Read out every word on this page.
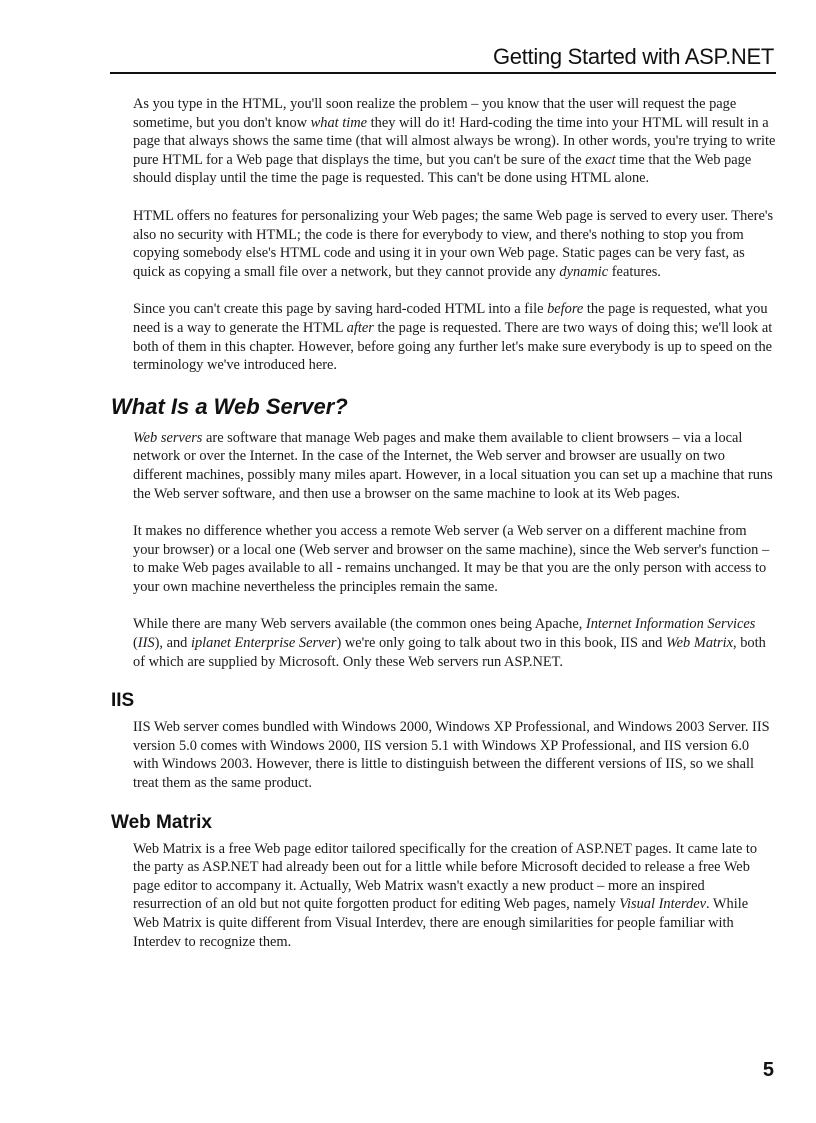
Getting Started with ASP.NET

As you type in the HTML, you'll soon realize the problem – you know that the user will request the page sometime, but you don't know what time they will do it! Hard-coding the time into your HTML will result in a page that always shows the same time (that will almost always be wrong). In other words, you're trying to write pure HTML for a Web page that displays the time, but you can't be sure of the exact time that the Web page should display until the time the page is requested. This can't be done using HTML alone.

HTML offers no features for personalizing your Web pages; the same Web page is served to every user. There's also no security with HTML; the code is there for everybody to view, and there's nothing to stop you from copying somebody else's HTML code and using it in your own Web page. Static pages can be very fast, as quick as copying a small file over a network, but they cannot provide any dynamic features.

Since you can't create this page by saving hard-coded HTML into a file before the page is requested, what you need is a way to generate the HTML after the page is requested. There are two ways of doing this; we'll look at both of them in this chapter. However, before going any further let's make sure everybody is up to speed on the terminology we've introduced here.

What Is a Web Server?

Web servers are software that manage Web pages and make them available to client browsers – via a local network or over the Internet. In the case of the Internet, the Web server and browser are usually on two different machines, possibly many miles apart. However, in a local situation you can set up a machine that runs the Web server software, and then use a browser on the same machine to look at its Web pages.

It makes no difference whether you access a remote Web server (a Web server on a different machine from your browser) or a local one (Web server and browser on the same machine), since the Web server's function – to make Web pages available to all - remains unchanged. It may be that you are the only person with access to your own machine nevertheless the principles remain the same.

While there are many Web servers available (the common ones being Apache, Internet Information Services (IIS), and iplanet Enterprise Server) we're only going to talk about two in this book, IIS and Web Matrix, both of which are supplied by Microsoft. Only these Web servers run ASP.NET.

IIS

IIS Web server comes bundled with Windows 2000, Windows XP Professional, and Windows 2003 Server. IIS version 5.0 comes with Windows 2000, IIS version 5.1 with Windows XP Professional, and IIS version 6.0 with Windows 2003. However, there is little to distinguish between the different versions of IIS, so we shall treat them as the same product.

Web Matrix

Web Matrix is a free Web page editor tailored specifically for the creation of ASP.NET pages. It came late to the party as ASP.NET had already been out for a little while before Microsoft decided to release a free Web page editor to accompany it. Actually, Web Matrix wasn't exactly a new product – more an inspired resurrection of an old but not quite forgotten product for editing Web pages, namely Visual Interdev. While Web Matrix is quite different from Visual Interdev, there are enough similarities for people familiar with Interdev to recognize them.

5
